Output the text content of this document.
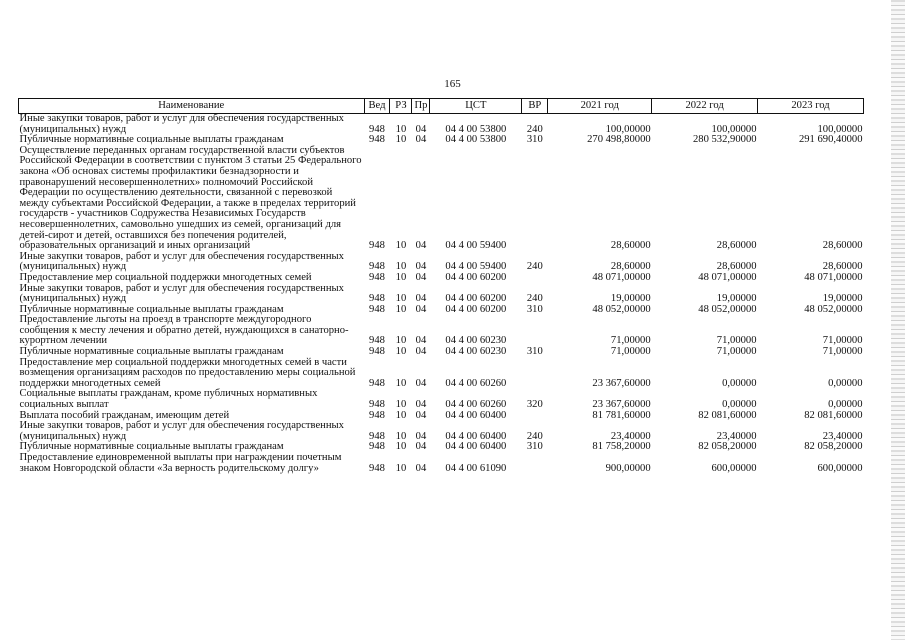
165
Наименование	Вед	РЗ	Пр	ЦСТ	ВР	2021 год	2022 год	2023 год
Иные закупки товаров, работ и услуг для обеспечения государственных (муниципальных) нужд	948	10	04	04 4 00 53800	240	100,00000	100,00000	100,00000
Публичные нормативные социальные выплаты гражданам	948	10	04	04 4 00 53800	310	270 498,80000	280 532,90000	291 690,40000
Осуществление переданных органам государственной власти субъектов Российской Федерации в соответствии с пунктом 3 статьи 25 Федерального закона «Об основах системы профилактики безнадзорности и правонарушений несовершеннолетних» полномочий Российской Федерации по осуществлению деятельности, связанной с перевозкой между субъектами Российской Федерации, а также в пределах территорий государств - участников Содружества Независимых Государств несовершеннолетних, самовольно ушедших из семей, организаций для детей-сирот и детей, оставшихся без попечения родителей, образовательных организаций и иных организаций	948	10	04	04 4 00 59400		28,60000	28,60000	28,60000
Иные закупки товаров, работ и услуг для обеспечения государственных (муниципальных) нужд	948	10	04	04 4 00 59400	240	28,60000	28,60000	28,60000
Предоставление мер социальной поддержки многодетных семей	948	10	04	04 4 00 60200		48 071,00000	48 071,00000	48 071,00000
Иные закупки товаров, работ и услуг для обеспечения государственных (муниципальных) нужд	948	10	04	04 4 00 60200	240	19,00000	19,00000	19,00000
Публичные нормативные социальные выплаты гражданам	948	10	04	04 4 00 60200	310	48 052,00000	48 052,00000	48 052,00000
Предоставление льготы на проезд в транспорте междугородного сообщения к месту лечения и обратно детей, нуждающихся в санаторно-курортном лечении	948	10	04	04 4 00 60230		71,00000	71,00000	71,00000
Публичные нормативные социальные выплаты гражданам	948	10	04	04 4 00 60230	310	71,00000	71,00000	71,00000
Предоставление мер социальной поддержки многодетных семей в части возмещения организациям расходов по предоставлению меры социальной поддержки многодетных семей	948	10	04	04 4 00 60260		23 367,60000	0,00000	0,00000
Социальные выплаты гражданам, кроме публичных нормативных социальных выплат	948	10	04	04 4 00 60260	320	23 367,60000	0,00000	0,00000
Выплата пособий гражданам, имеющим детей	948	10	04	04 4 00 60400		81 781,60000	82 081,60000	82 081,60000
Иные закупки товаров, работ и услуг для обеспечения государственных (муниципальных) нужд	948	10	04	04 4 00 60400	240	23,40000	23,40000	23,40000
Публичные нормативные социальные выплаты гражданам	948	10	04	04 4 00 60400	310	81 758,20000	82 058,20000	82 058,20000
Предоставление единовременной выплаты при награждении почетным знаком Новгородской области «За верность родительскому долгу»	948	10	04	04 4 00 61090		900,00000	600,00000	600,00000
